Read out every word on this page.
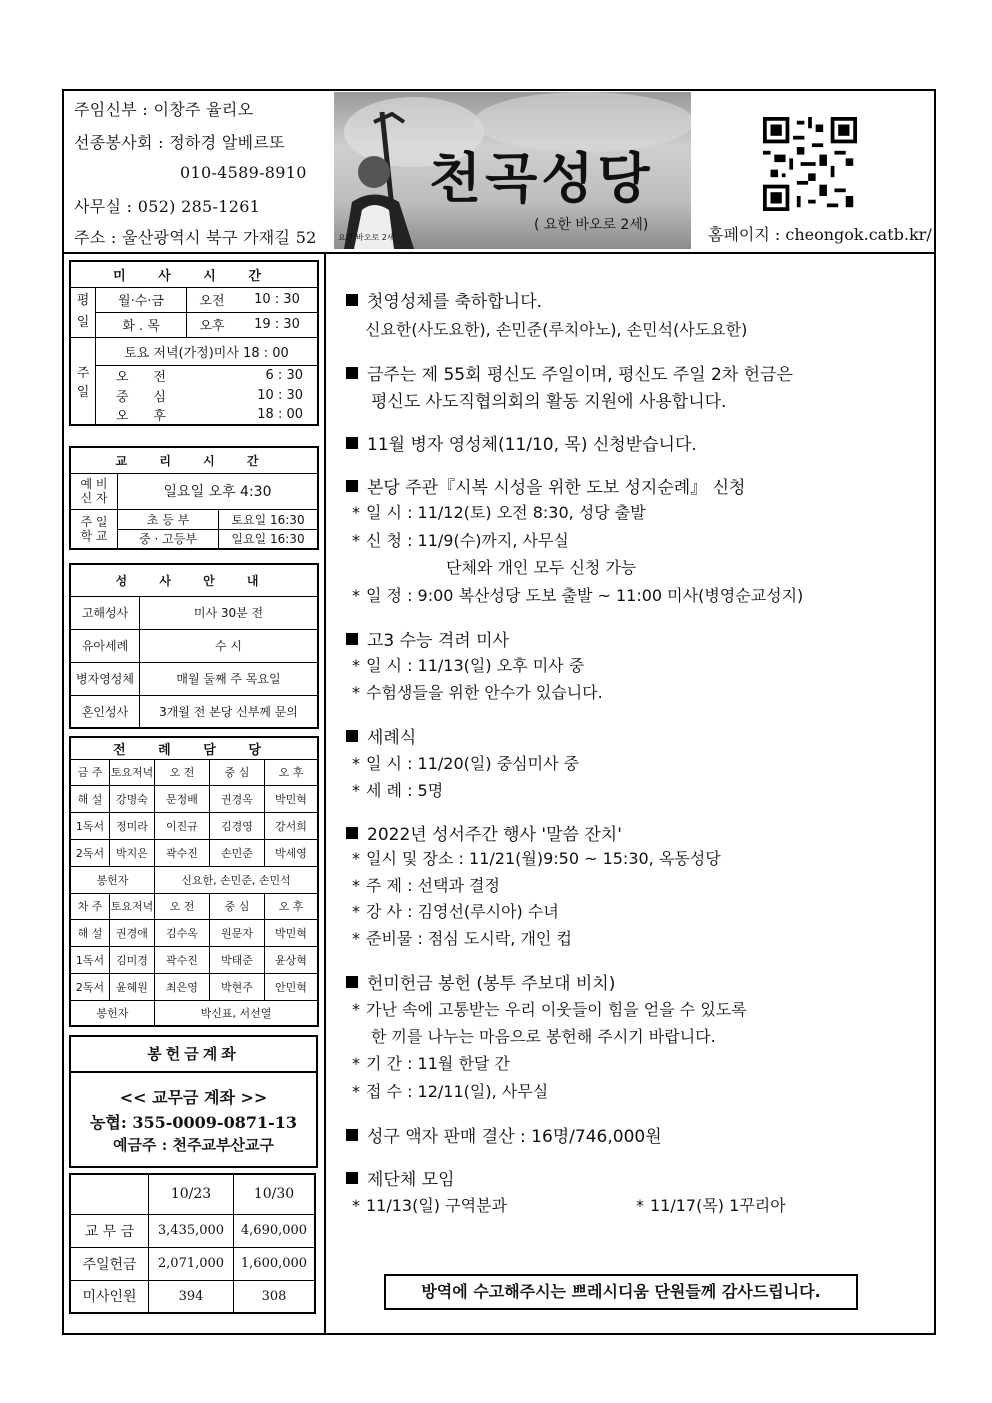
주임신부 : 이창주 율리오
선종봉사회 : 정하경 알베르또
010-4589-8910
사무실 : 052) 285-1261
주소 : 울산광역시 북구 가재길 52
천곡성당
( 요한 바오로 2세)
요한 바오로 2세	홈페이지 : cheongok.catb.kr/
미 사 시 간			
평일	월·수·금	오전	10 : 30
	화 . 목	오후	19 : 30
주일	토요 저녁(가정)미사 18 : 00		
	오      전		6 : 30
	중      심		10 : 30
	오      후		18 : 00
교 리 시 간		
예 비
신 자	일요일 오후 4:30	
주 일
학 교	초 등 부	토요일 16:30
	중 · 고등부	일요일 16:30
성 사 안 내	
고해성사	미사 30분 전
유아세례	수 시
병자영성체	매월 둘째 주 목요일
혼인성사	3개월 전 본당 신부께 문의
전 례 담 당				
금 주	토요저녁	오 전	중 심	오 후
해 설	강명숙	문정배	권경옥	박민혁
1독서	정미라	이진규	김경영	강서희
2독서	박지은	곽수진	손민준	박세영
봉헌자		신요한, 손민준, 손민석		
차 주	토요저녁	오 전	중 심	오 후
해 설	권경애	김수옥	원문자	박민혁
1독서	김미경	곽수진	박태준	윤상혁
2독서	윤혜원	최은영	박현주	안민혁
봉헌자		박신표, 서선열		
봉헌금계좌
<< 교무금 계좌 >>
농협: 355-0009-0871-13
예금주 : 천주교부산교구
	10/23	10/30
교 무 금	3,435,000	4,690,000
주일헌금	2,071,000	1,600,000
미사인원	394	308
첫영성체를 축하합니다.
신요한(사도요한), 손민준(루치아노), 손민석(사도요한)
금주는 제 55회 평신도 주일이며, 평신도 주일 2차 헌금은
평신도 사도직협의회의 활동 지원에 사용합니다.
11월 병자 영성체(11/10, 목) 신청받습니다.
본당 주관『시복 시성을 위한 도보 성지순례』 신청
* 일 시 : 11/12(토) 오전 8:30, 성당 출발
* 신 청 : 11/9(수)까지, 사무실
단체와 개인 모두 신청 가능
* 일 정 : 9:00 복산성당 도보 출발 ~ 11:00 미사(병영순교성지)
고3 수능 격려 미사
* 일 시 : 11/13(일) 오후 미사 중
* 수험생들을 위한 안수가 있습니다.
세례식
* 일 시 : 11/20(일) 중심미사 중
* 세 례 : 5명
2022년 성서주간 행사 '말씀 잔치'
* 일시 및 장소 : 11/21(월)9:50 ~ 15:30, 옥동성당
* 주 제 : 선택과 결정
* 강 사 : 김영선(루시아) 수녀
* 준비물 : 점심 도시락, 개인 컵
헌미헌금 봉헌 (봉투 주보대 비치)
* 가난 속에 고통받는 우리 이웃들이 힘을 얻을 수 있도록
한 끼를 나누는 마음으로 봉헌해 주시기 바랍니다.
* 기 간 : 11월 한달 간
* 접 수 : 12/11(일), 사무실
성구 액자 판매 결산 : 16명/746,000원
제단체 모임
* 11/13(일) 구역분과	* 11/17(목) 1꾸리아
방역에 수고해주시는 쁘레시디움 단원들께 감사드립니다.
